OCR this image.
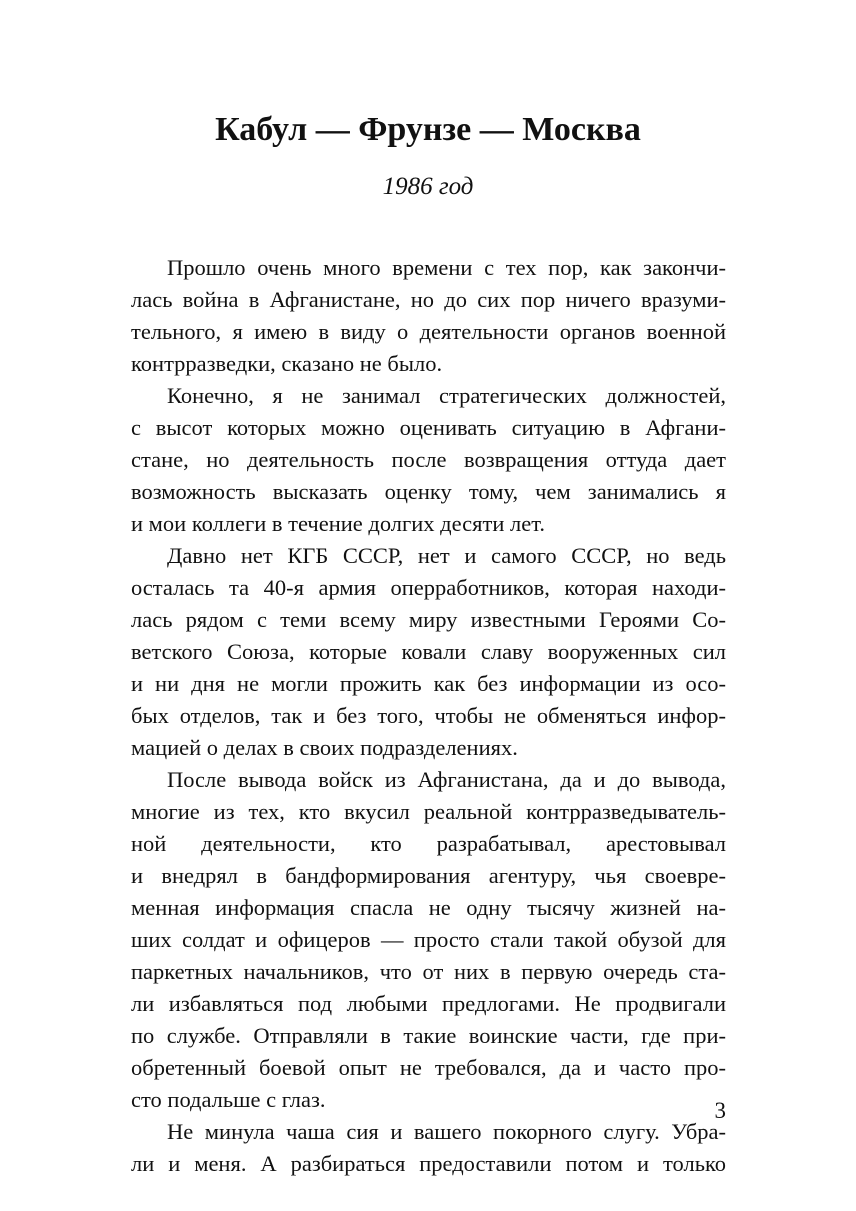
Кабул — Фрунзе — Москва
1986 год
Прошло очень много времени с тех пор, как закончи-
лась война в Афганистане, но до сих пор ничего вразуми-
тельного, я имею в виду о деятельности органов военной
контрразведки, сказано не было.
Конечно, я не занимал стратегических должностей,
с высот которых можно оценивать ситуацию в Афгани-
стане, но деятельность после возвращения оттуда дает
возможность высказать оценку тому, чем занимались я
и мои коллеги в течение долгих десяти лет.
Давно нет КГБ СССР, нет и самого СССР, но ведь
осталась та 40-я армия оперработников, которая находи-
лась рядом с теми всему миру известными Героями Со-
ветского Союза, которые ковали славу вооруженных сил
и ни дня не могли прожить как без информации из осо-
бых отделов, так и без того, чтобы не обменяться инфор-
мацией о делах в своих подразделениях.
После вывода войск из Афганистана, да и до вывода,
многие из тех, кто вкусил реальной контрразведыватель-
ной деятельности, кто разрабатывал, арестовывал
и внедрял в бандформирования агентуру, чья своевре-
менная информация спасла не одну тысячу жизней на-
ших солдат и офицеров — просто стали такой обузой для
паркетных начальников, что от них в первую очередь ста-
ли избавляться под любыми предлогами. Не продвигали
по службе. Отправляли в такие воинские части, где при-
обретенный боевой опыт не требовался, да и часто про-
сто подальше с глаз.
Не минула чаша сия и вашего покорного слугу. Убра-
ли и меня. А разбираться предоставили потом и только
3
